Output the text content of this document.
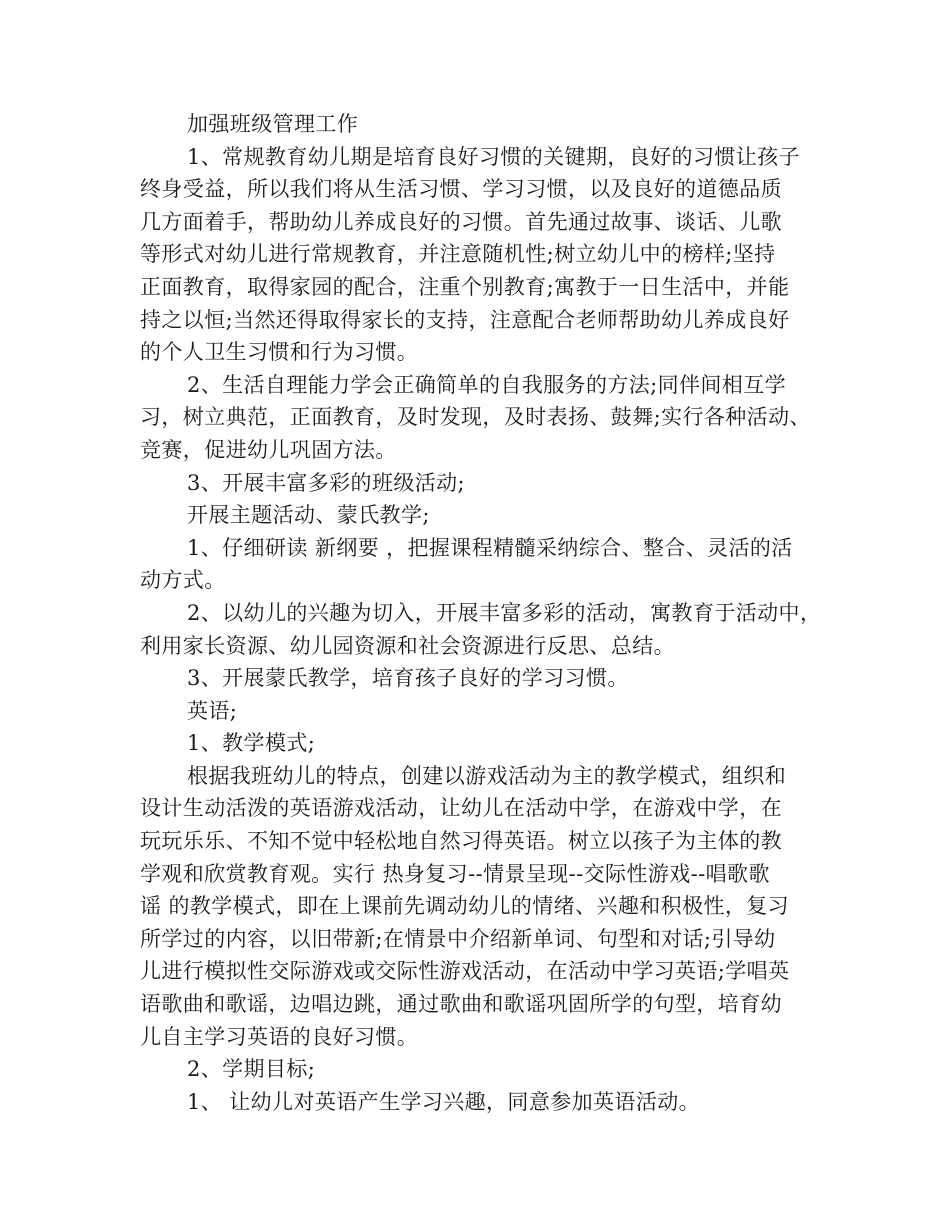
加强班级管理工作
1、常规教育幼儿期是培育良好习惯的关键期，良好的习惯让孩子
终身受益，所以我们将从生活习惯、学习习惯，以及良好的道德品质
几方面着手，帮助幼儿养成良好的习惯。首先通过故事、谈话、儿歌
等形式对幼儿进行常规教育，并注意随机性;树立幼儿中的榜样;坚持
正面教育，取得家园的配合，注重个别教育;寓教于一日生活中，并能
持之以恒;当然还得取得家长的支持，注意配合老师帮助幼儿养成良好
的个人卫生习惯和行为习惯。
2、生活自理能力学会正确简单的自我服务的方法;同伴间相互学
习，树立典范，正面教育，及时发现，及时表扬、鼓舞;实行各种活动、
竞赛，促进幼儿巩固方法。
3、开展丰富多彩的班级活动;
开展主题活动、蒙氏教学;
1、仔细研读 新纲要 ，把握课程精髓采纳综合、整合、灵活的活
动方式。
2、以幼儿的兴趣为切入，开展丰富多彩的活动，寓教育于活动中，
利用家长资源、幼儿园资源和社会资源进行反思、总结。
3、开展蒙氏教学，培育孩子良好的学习习惯。
英语;
1、教学模式;
根据我班幼儿的特点，创建以游戏活动为主的教学模式，组织和
设计生动活泼的英语游戏活动，让幼儿在活动中学，在游戏中学，在
玩玩乐乐、不知不觉中轻松地自然习得英语。树立以孩子为主体的教
学观和欣赏教育观。实行 热身复习--情景呈现--交际性游戏--唱歌歌
谣 的教学模式，即在上课前先调动幼儿的情绪、兴趣和积极性，复习
所学过的内容，以旧带新;在情景中介绍新单词、句型和对话;引导幼
儿进行模拟性交际游戏或交际性游戏活动，在活动中学习英语;学唱英
语歌曲和歌谣，边唱边跳，通过歌曲和歌谣巩固所学的句型，培育幼
儿自主学习英语的良好习惯。
2、学期目标;
1、 让幼儿对英语产生学习兴趣，同意参加英语活动。
